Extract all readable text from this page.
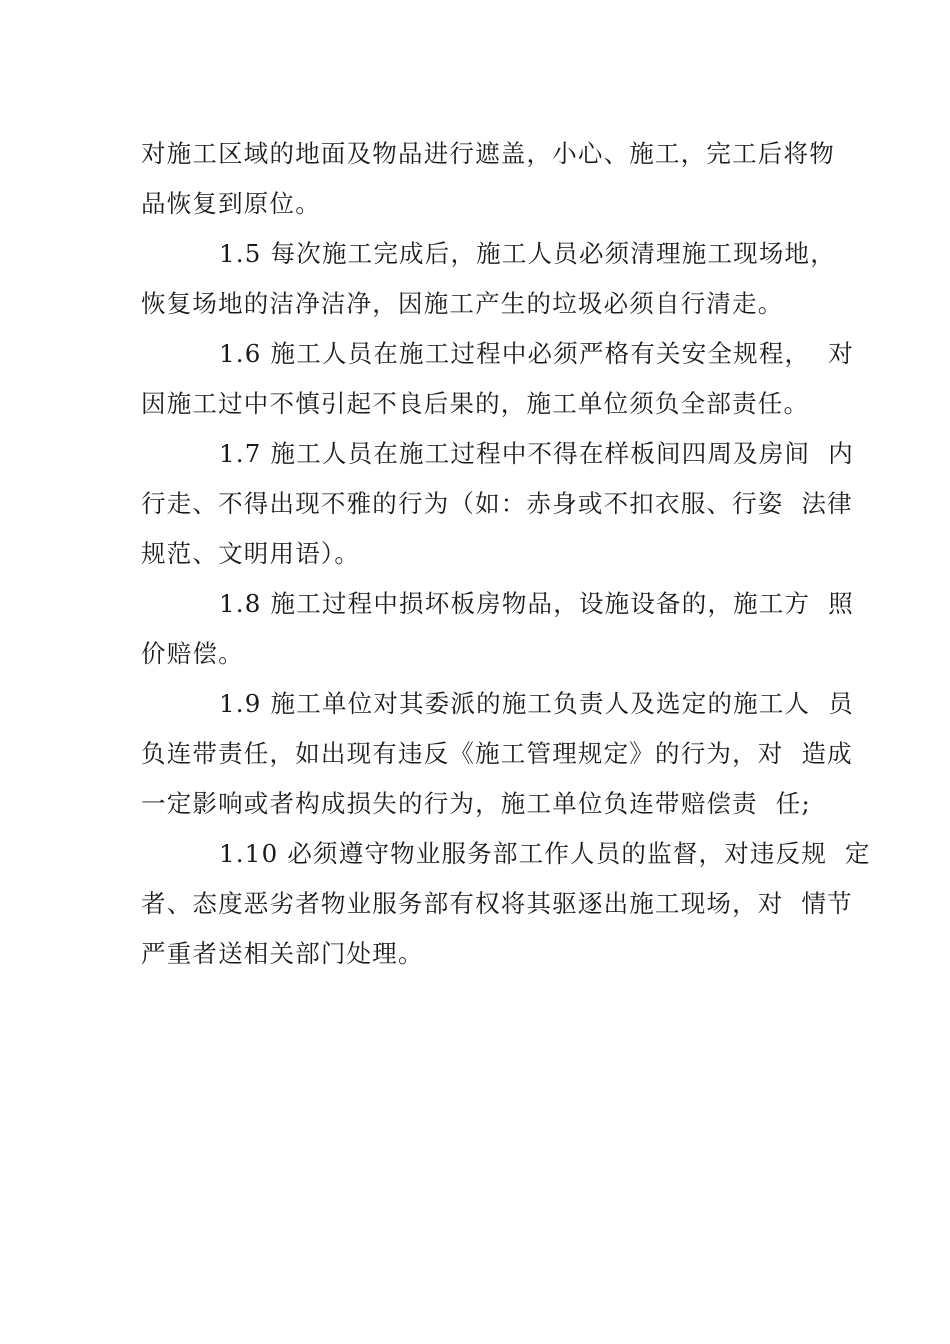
对施工区域的地面及物品进行遮盖，小心、施工，完工后将物
品恢复到原位。
1.5 每次施工完成后，施工人员必须清理施工现场地，
恢复场地的洁净洁净，因施工产生的垃圾必须自行清走。
1.6 施工人员在施工过程中必须严格有关安全规程，  对
因施工过中不慎引起不良后果的，施工单位须负全部责任。
1.7 施工人员在施工过程中不得在样板间四周及房间  内
行走、不得出现不雅的行为（如：赤身或不扣衣服、行姿  法律
规范、文明用语）。
1.8 施工过程中损坏板房物品，设施设备的，施工方  照
价赔偿。
1.9 施工单位对其委派的施工负责人及选定的施工人  员
负连带责任，如出现有违反《施工管理规定》的行为，对  造成
一定影响或者构成损失的行为，施工单位负连带赔偿责  任;
1.10 必须遵守物业服务部工作人员的监督，对违反规  定
者、态度恶劣者物业服务部有权将其驱逐出施工现场，对  情节
严重者送相关部门处理。
